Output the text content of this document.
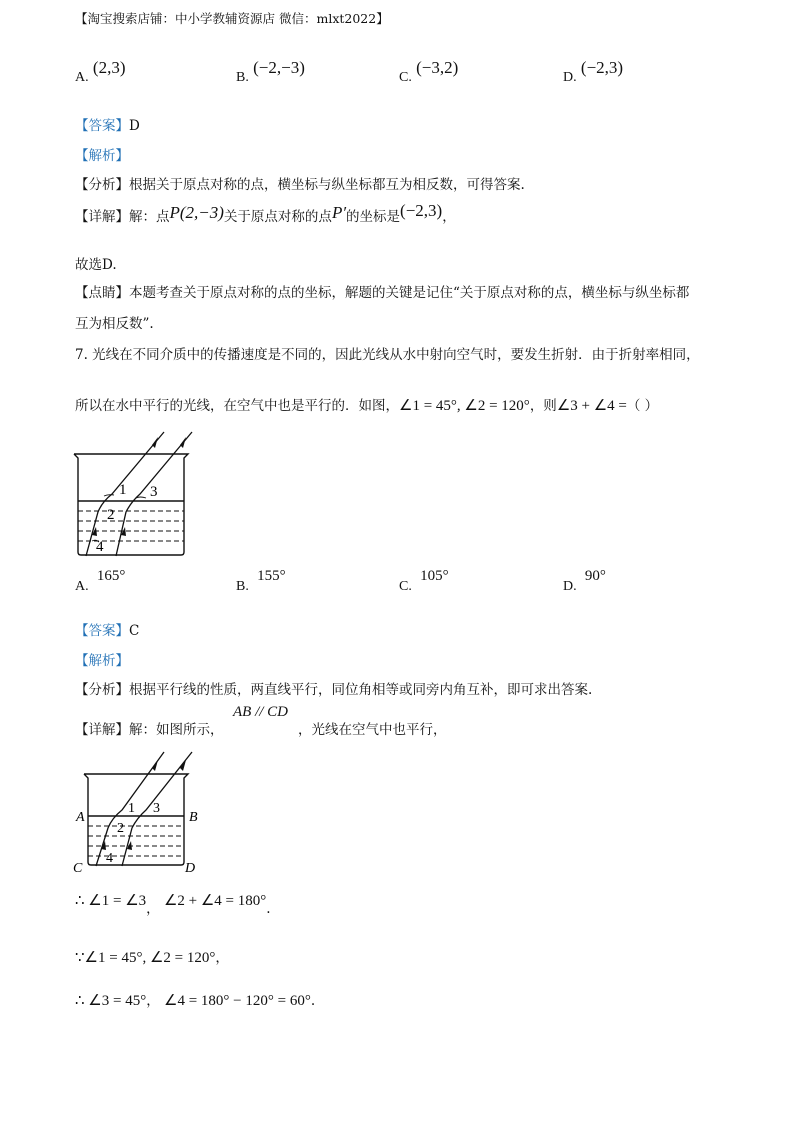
【淘宝搜索店铺：中小学教辅资源店 微信：mlxt2022】
A. (2,3)
B. (−2,−3)
C. (−3,2)
D. (−2,3)
【答案】D
【解析】
【分析】根据关于原点对称的点，横坐标与纵坐标都互为相反数，可得答案.
【详解】解：点P(2,−3)关于原点对称的点P′的坐标是(−2,3)，
故选D.
【点睛】本题考查关于原点对称的点的坐标，解题的关键是记住“关于原点对称的点，横坐标与纵坐标都
互为相反数”.
7. 光线在不同介质中的传播速度是不同的，因此光线从水中射向空气时，要发生折射．由于折射率相同，
所以在水中平行的光线，在空气中也是平行的．如图，∠1 = 45°, ∠2 = 120°，则∠3 + ∠4 =（ ）
1
2
3
4
A. 165°
B. 155°
C. 105°
D. 90°
【答案】C
【解析】
【分析】根据平行线的性质，两直线平行，同位角相等或同旁内角互补，即可求出答案.
【详解】解：如图所示，
AB // CD
，光线在空气中也平行，
A	B
C	D
1
2
3
4
∴ ∠1 = ∠3， ∠2 + ∠4 = 180°.
∵∠1 = 45°, ∠2 = 120°，
∴ ∠3 = 45°， ∠4 = 180° − 120° = 60°.
